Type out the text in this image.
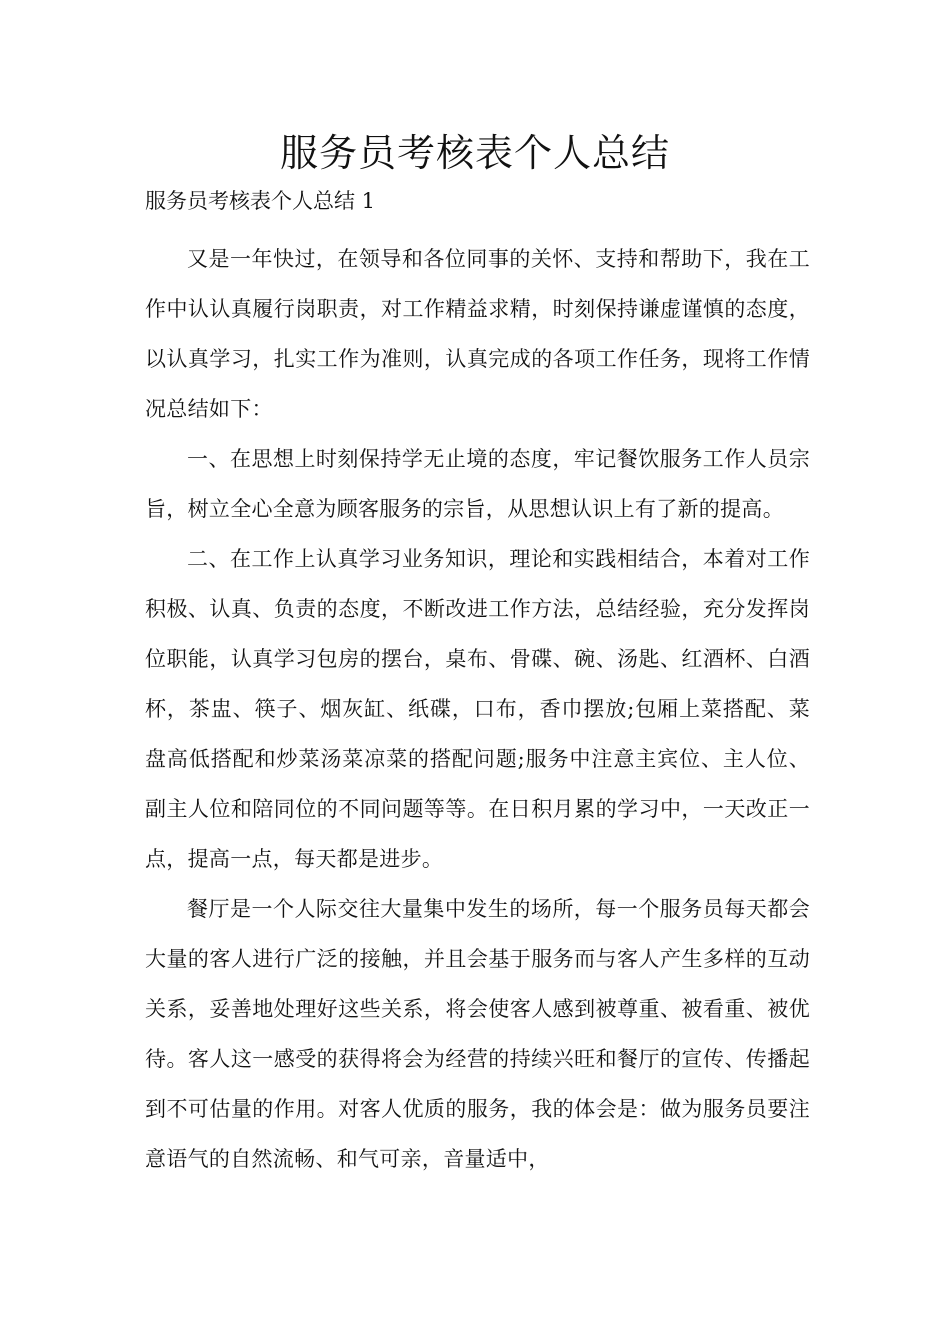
服务员考核表个人总结

服务员考核表个人总结 1

又是一年快过，在领导和各位同事的关怀、支持和帮助下，我在工作中认认真履行岗职责，对工作精益求精，时刻保持谦虚谨慎的态度，以认真学习，扎实工作为准则，认真完成的各项工作任务，现将工作情况总结如下：

一、在思想上时刻保持学无止境的态度，牢记餐饮服务工作人员宗旨，树立全心全意为顾客服务的宗旨，从思想认识上有了新的提高。

二、在工作上认真学习业务知识，理论和实践相结合，本着对工作积极、认真、负责的态度，不断改进工作方法，总结经验，充分发挥岗位职能，认真学习包房的摆台，桌布、骨碟、碗、汤匙、红酒杯、白酒杯，茶盅、筷子、烟灰缸、纸碟，口布，香巾摆放;包厢上菜搭配、菜盘高低搭配和炒菜汤菜凉菜的搭配问题;服务中注意主宾位、主人位、副主人位和陪同位的不同问题等等。在日积月累的学习中，一天改正一点，提高一点，每天都是进步。

餐厅是一个人际交往大量集中发生的场所，每一个服务员每天都会大量的客人进行广泛的接触，并且会基于服务而与客人产生多样的互动关系，妥善地处理好这些关系，将会使客人感到被尊重、被看重、被优待。客人这一感受的获得将会为经营的持续兴旺和餐厅的宣传、传播起到不可估量的作用。对客人优质的服务，我的体会是：做为服务员要注意语气的自然流畅、和气可亲，音量适中，
